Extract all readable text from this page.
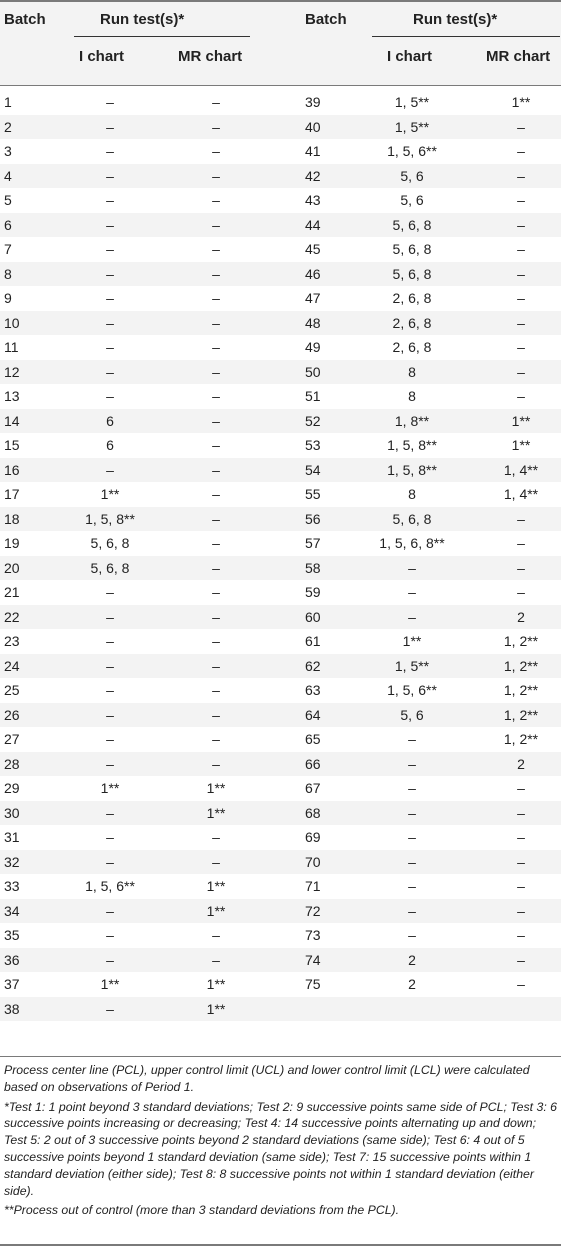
Batch	Run test(s)*
I chart	MR chart
Batch	Run test(s)*
I chart	MR chart
1	–	–	39	1, 5**	1**
2	–	–	40	1, 5**	–
3	–	–	41	1, 5, 6**	–
4	–	–	42	5, 6	–
5	–	–	43	5, 6	–
6	–	–	44	5, 6, 8	–
7	–	–	45	5, 6, 8	–
8	–	–	46	5, 6, 8	–
9	–	–	47	2, 6, 8	–
10	–	–	48	2, 6, 8	–
11	–	–	49	2, 6, 8	–
12	–	–	50	8	–
13	–	–	51	8	–
14	6	–	52	1, 8**	1**
15	6	–	53	1, 5, 8**	1**
16	–	–	54	1, 5, 8**	1, 4**
17	1**	–	55	8	1, 4**
18	1, 5, 8**	–	56	5, 6, 8	–
19	5, 6, 8	–	57	1, 5, 6, 8**	–
20	5, 6, 8	–	58	–	–
21	–	–	59	–	–
22	–	–	60	–	2
23	–	–	61	1**	1, 2**
24	–	–	62	1, 5**	1, 2**
25	–	–	63	1, 5, 6**	1, 2**
26	–	–	64	5, 6	1, 2**
27	–	–	65	–	1, 2**
28	–	–	66	–	2
29	1**	1**	67	–	–
30	–	1**	68	–	–
31	–	–	69	–	–
32	–	–	70	–	–
33	1, 5, 6**	1**	71	–	–
34	–	1**	72	–	–
35	–	–	73	–	–
36	–	–	74	2	–
37	1**	1**	75	2	–
38	–	1**

Process center line (PCL), upper control limit (UCL) and lower control limit (LCL) were calculated based on observations of Period 1.

*Test 1: 1 point beyond 3 standard deviations; Test 2: 9 successive points same side of PCL; Test 3: 6 successive points increasing or decreasing; Test 4: 14 successive points alternating up and down; Test 5: 2 out of 3 successive points beyond 2 standard deviations (same side); Test 6: 4 out of 5 successive points beyond 1 standard deviation (same side); Test 7: 15 successive points within 1 standard deviation (either side); Test 8: 8 successive points not within 1 standard deviation (either side).

**Process out of control (more than 3 standard deviations from the PCL).
